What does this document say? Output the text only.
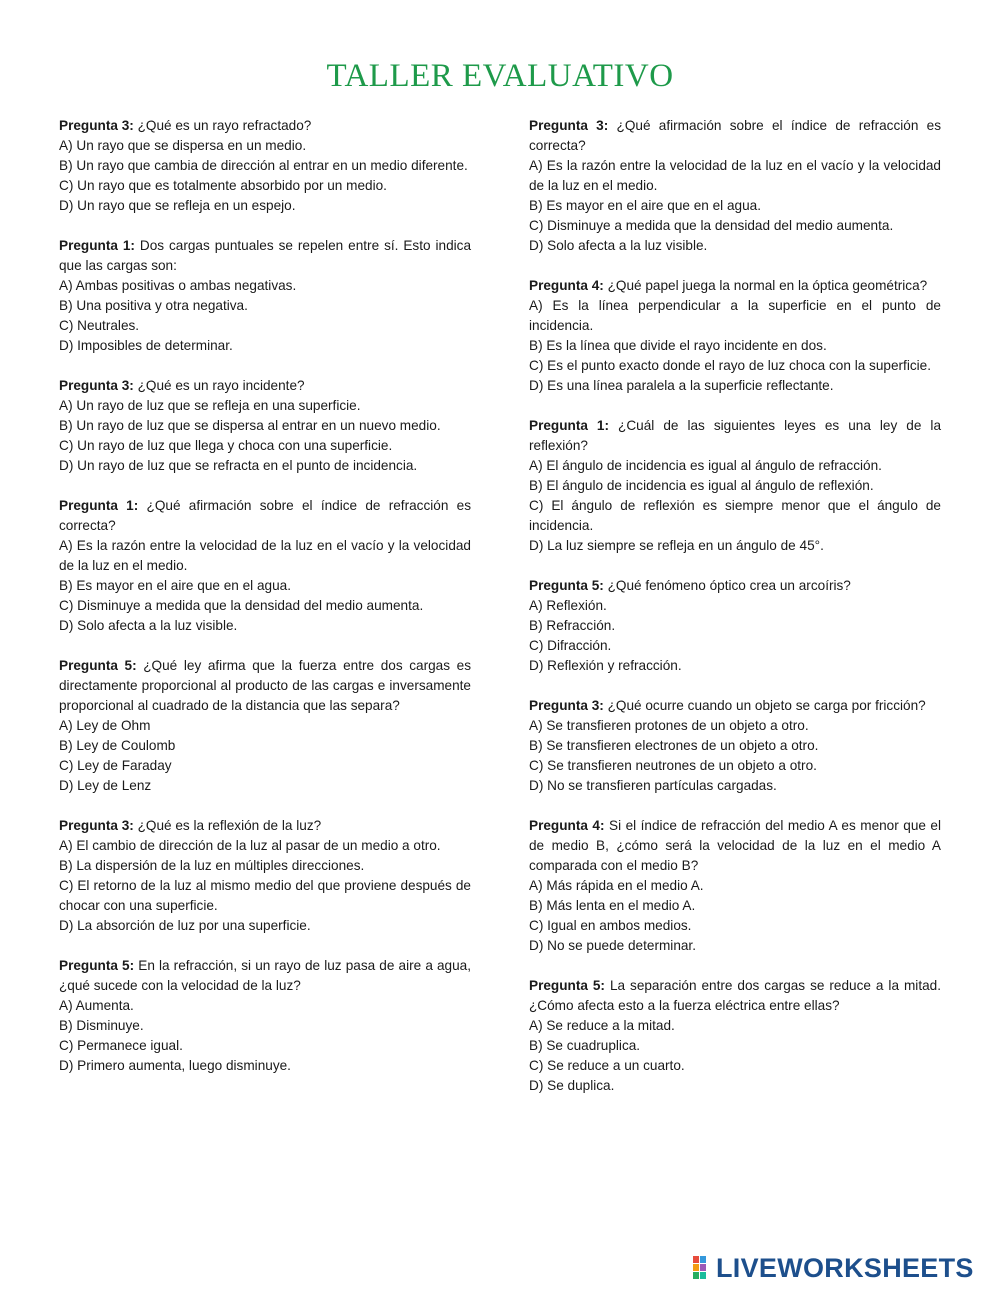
TALLER EVALUATIVO
Pregunta 3: ¿Qué es un rayo refractado?
A) Un rayo que se dispersa en un medio.
B) Un rayo que cambia de dirección al entrar en un medio diferente.
C) Un rayo que es totalmente absorbido por un medio.
D) Un rayo que se refleja en un espejo.
Pregunta 1: Dos cargas puntuales se repelen entre sí. Esto indica que las cargas son:
A) Ambas positivas o ambas negativas.
B) Una positiva y otra negativa.
C) Neutrales.
D) Imposibles de determinar.
Pregunta 3: ¿Qué es un rayo incidente?
A) Un rayo de luz que se refleja en una superficie.
B) Un rayo de luz que se dispersa al entrar en un nuevo medio.
C) Un rayo de luz que llega y choca con una superficie.
D) Un rayo de luz que se refracta en el punto de incidencia.
Pregunta 1: ¿Qué afirmación sobre el índice de refracción es correcta?
A) Es la razón entre la velocidad de la luz en el vacío y la velocidad de la luz en el medio.
B) Es mayor en el aire que en el agua.
C) Disminuye a medida que la densidad del medio aumenta.
D) Solo afecta a la luz visible.
Pregunta 5: ¿Qué ley afirma que la fuerza entre dos cargas es directamente proporcional al producto de las cargas e inversamente proporcional al cuadrado de la distancia que las separa?
A) Ley de Ohm
B) Ley de Coulomb
C) Ley de Faraday
D) Ley de Lenz
Pregunta 3: ¿Qué es la reflexión de la luz?
A) El cambio de dirección de la luz al pasar de un medio a otro.
B) La dispersión de la luz en múltiples direcciones.
C) El retorno de la luz al mismo medio del que proviene después de chocar con una superficie.
D) La absorción de luz por una superficie.
Pregunta 5: En la refracción, si un rayo de luz pasa de aire a agua, ¿qué sucede con la velocidad de la luz?
A) Aumenta.
B) Disminuye.
C) Permanece igual.
D) Primero aumenta, luego disminuye.
Pregunta 3: ¿Qué afirmación sobre el índice de refracción es correcta?
A) Es la razón entre la velocidad de la luz en el vacío y la velocidad de la luz en el medio.
B) Es mayor en el aire que en el agua.
C) Disminuye a medida que la densidad del medio aumenta.
D) Solo afecta a la luz visible.
Pregunta 4: ¿Qué papel juega la normal en la óptica geométrica?
A) Es la línea perpendicular a la superficie en el punto de incidencia.
B) Es la línea que divide el rayo incidente en dos.
C) Es el punto exacto donde el rayo de luz choca con la superficie.
D) Es una línea paralela a la superficie reflectante.
Pregunta 1: ¿Cuál de las siguientes leyes es una ley de la reflexión?
A) El ángulo de incidencia es igual al ángulo de refracción.
B) El ángulo de incidencia es igual al ángulo de reflexión.
C) El ángulo de reflexión es siempre menor que el ángulo de incidencia.
D) La luz siempre se refleja en un ángulo de 45°.
Pregunta 5: ¿Qué fenómeno óptico crea un arcoíris?
A) Reflexión.
B) Refracción.
C) Difracción.
D) Reflexión y refracción.
Pregunta 3: ¿Qué ocurre cuando un objeto se carga por fricción?
A) Se transfieren protones de un objeto a otro.
B) Se transfieren electrones de un objeto a otro.
C) Se transfieren neutrones de un objeto a otro.
D) No se transfieren partículas cargadas.
Pregunta 4: Si el índice de refracción del medio A es menor que el de medio B, ¿cómo será la velocidad de la luz en el medio A comparada con el medio B?
A) Más rápida en el medio A.
B) Más lenta en el medio A.
C) Igual en ambos medios.
D) No se puede determinar.
Pregunta 5: La separación entre dos cargas se reduce a la mitad. ¿Cómo afecta esto a la fuerza eléctrica entre ellas?
A) Se reduce a la mitad.
B) Se cuadruplica.
C) Se reduce a un cuarto.
D) Se duplica.
LIVEWORKSHEETS
